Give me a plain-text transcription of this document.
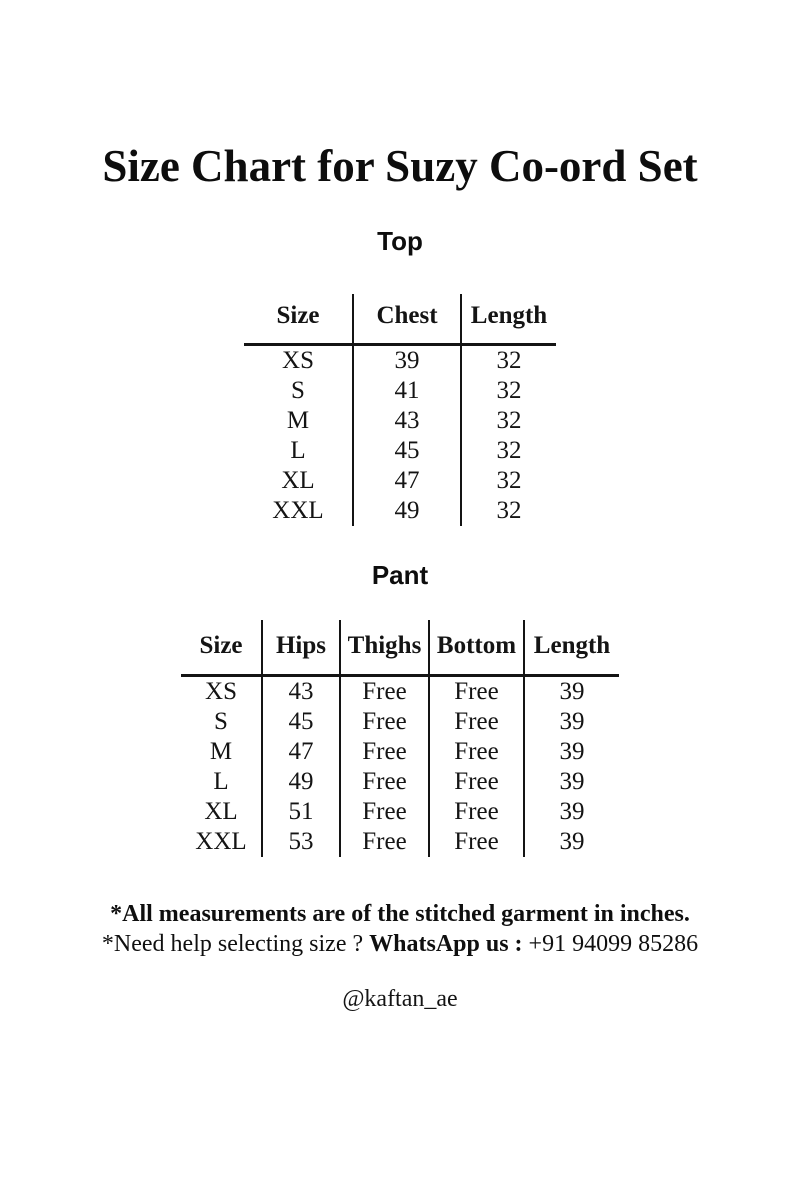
Size Chart for Suzy Co-ord Set
Top
Size	Chest	Length
XS	39	32
S	41	32
M	43	32
L	45	32
XL	47	32
XXL	49	32
Pant
Size	Hips	Thighs	Bottom	Length
XS	43	Free	Free	39
S	45	Free	Free	39
M	47	Free	Free	39
L	49	Free	Free	39
XL	51	Free	Free	39
XXL	53	Free	Free	39

*All measurements are of the stitched garment in inches.

*Need help selecting size ? WhatsApp us : +91 94099 85286

@kaftan_ae
